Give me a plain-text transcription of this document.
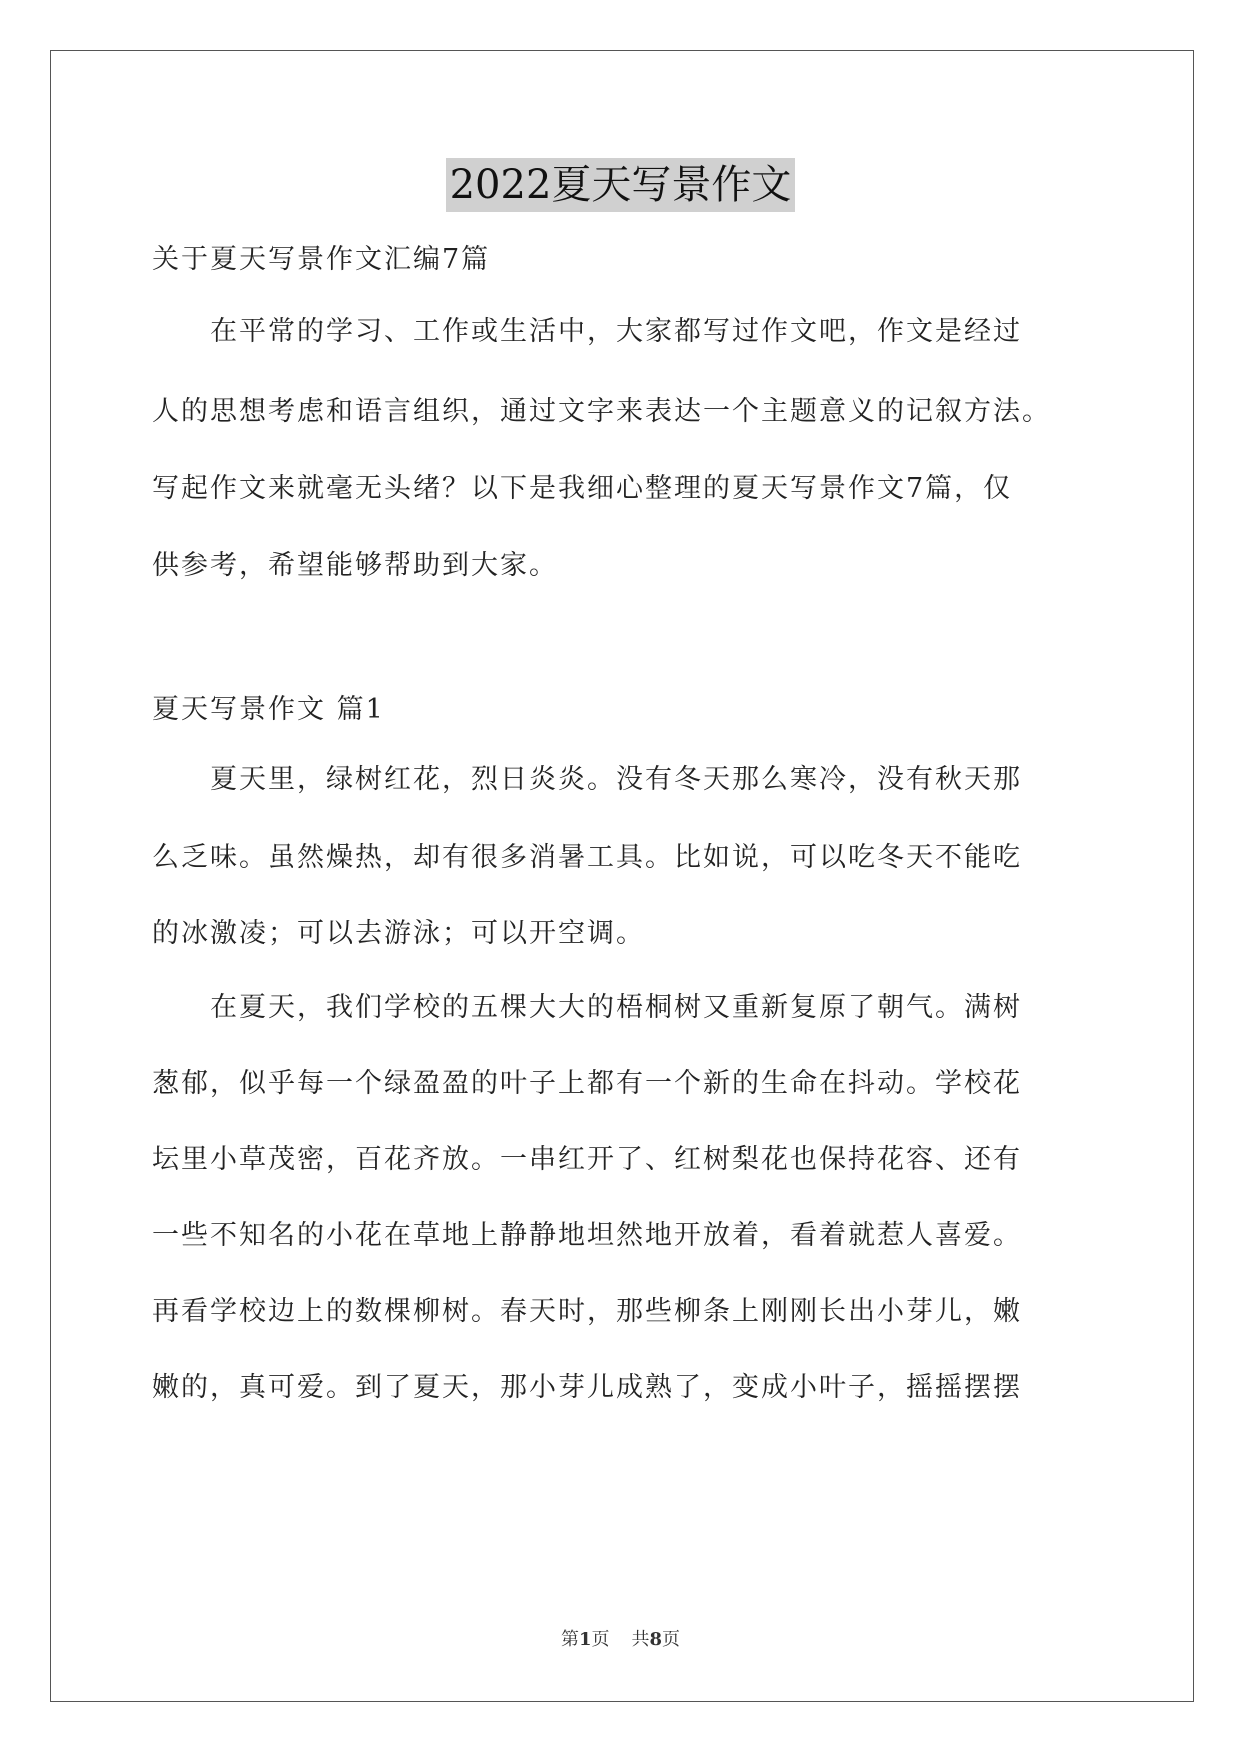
2022夏天写景作文
关于夏天写景作文汇编7篇
　　在平常的学习、工作或生活中，大家都写过作文吧，作文是经过
人的思想考虑和语言组织，通过文字来表达一个主题意义的记叙方法。
写起作文来就毫无头绪？以下是我细心整理的夏天写景作文7篇，仅
供参考，希望能够帮助到大家。
夏天写景作文 篇1
　　夏天里，绿树红花，烈日炎炎。没有冬天那么寒冷，没有秋天那
么乏味。虽然燥热，却有很多消暑工具。比如说，可以吃冬天不能吃
的冰激凌；可以去游泳；可以开空调。
　　在夏天，我们学校的五棵大大的梧桐树又重新复原了朝气。满树
葱郁，似乎每一个绿盈盈的叶子上都有一个新的生命在抖动。学校花
坛里小草茂密，百花齐放。一串红开了、红树梨花也保持花容、还有
一些不知名的小花在草地上静静地坦然地开放着，看着就惹人喜爱。
再看学校边上的数棵柳树。春天时，那些柳条上刚刚长出小芽儿，嫩
嫩的，真可爱。到了夏天，那小芽儿成熟了，变成小叶子，摇摇摆摆
第1页 共8页
